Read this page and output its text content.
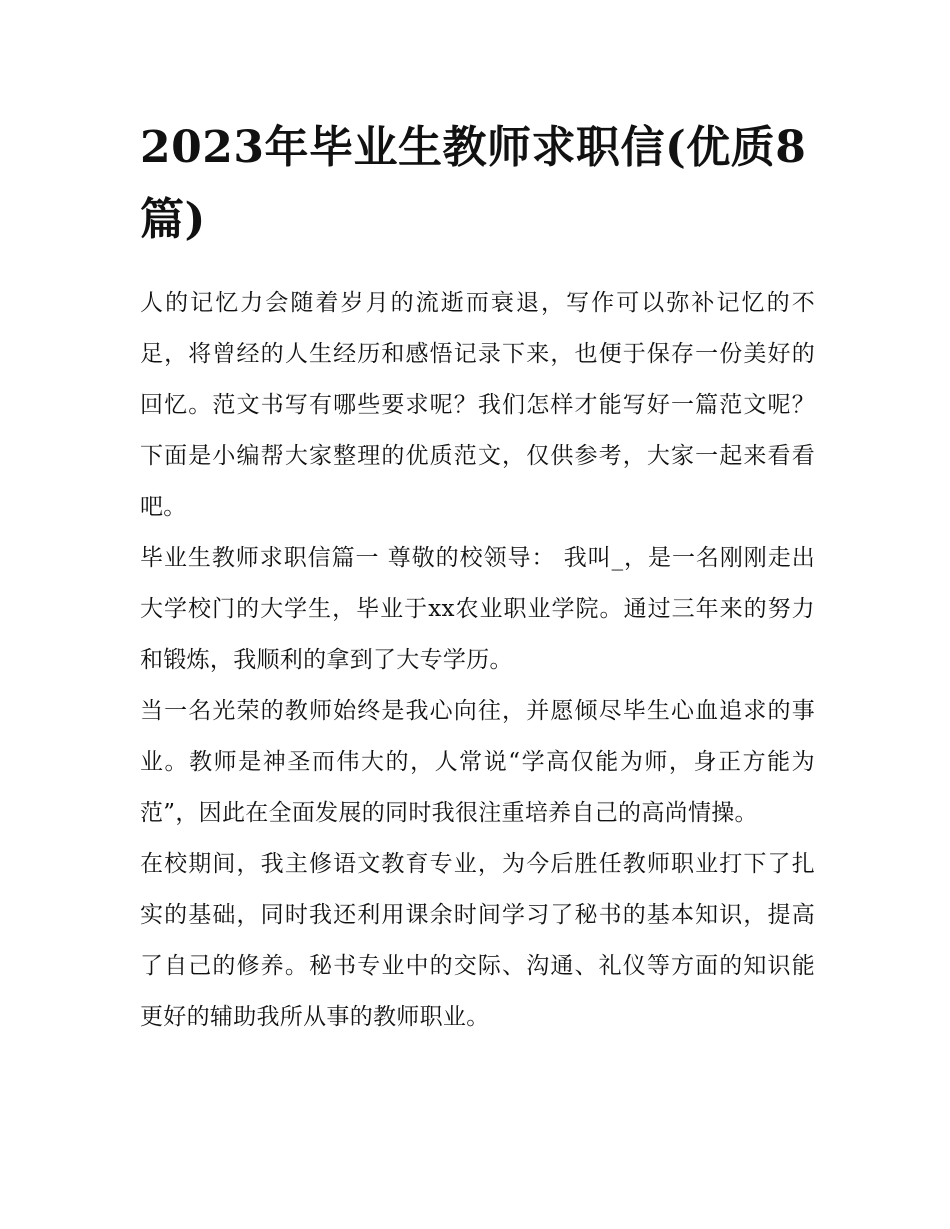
2023年毕业生教师求职信(优质8篇)

人的记忆力会随着岁月的流逝而衰退，写作可以弥补记忆的不足，将曾经的人生经历和感悟记录下来，也便于保存一份美好的回忆。范文书写有哪些要求呢？我们怎样才能写好一篇范文呢？下面是小编帮大家整理的优质范文，仅供参考，大家一起来看看吧。

毕业生教师求职信篇一 尊敬的校领导： 我叫_，是一名刚刚走出大学校门的大学生，毕业于xx农业职业学院。通过三年来的努力和锻炼，我顺利的拿到了大专学历。

当一名光荣的教师始终是我心向往，并愿倾尽毕生心血追求的事业。教师是神圣而伟大的，人常说“学高仅能为师，身正方能为范”，因此在全面发展的同时我很注重培养自己的高尚情操。

在校期间，我主修语文教育专业，为今后胜任教师职业打下了扎实的基础，同时我还利用课余时间学习了秘书的基本知识，提高了自己的修养。秘书专业中的交际、沟通、礼仪等方面的知识能更好的辅助我所从事的教师职业。
